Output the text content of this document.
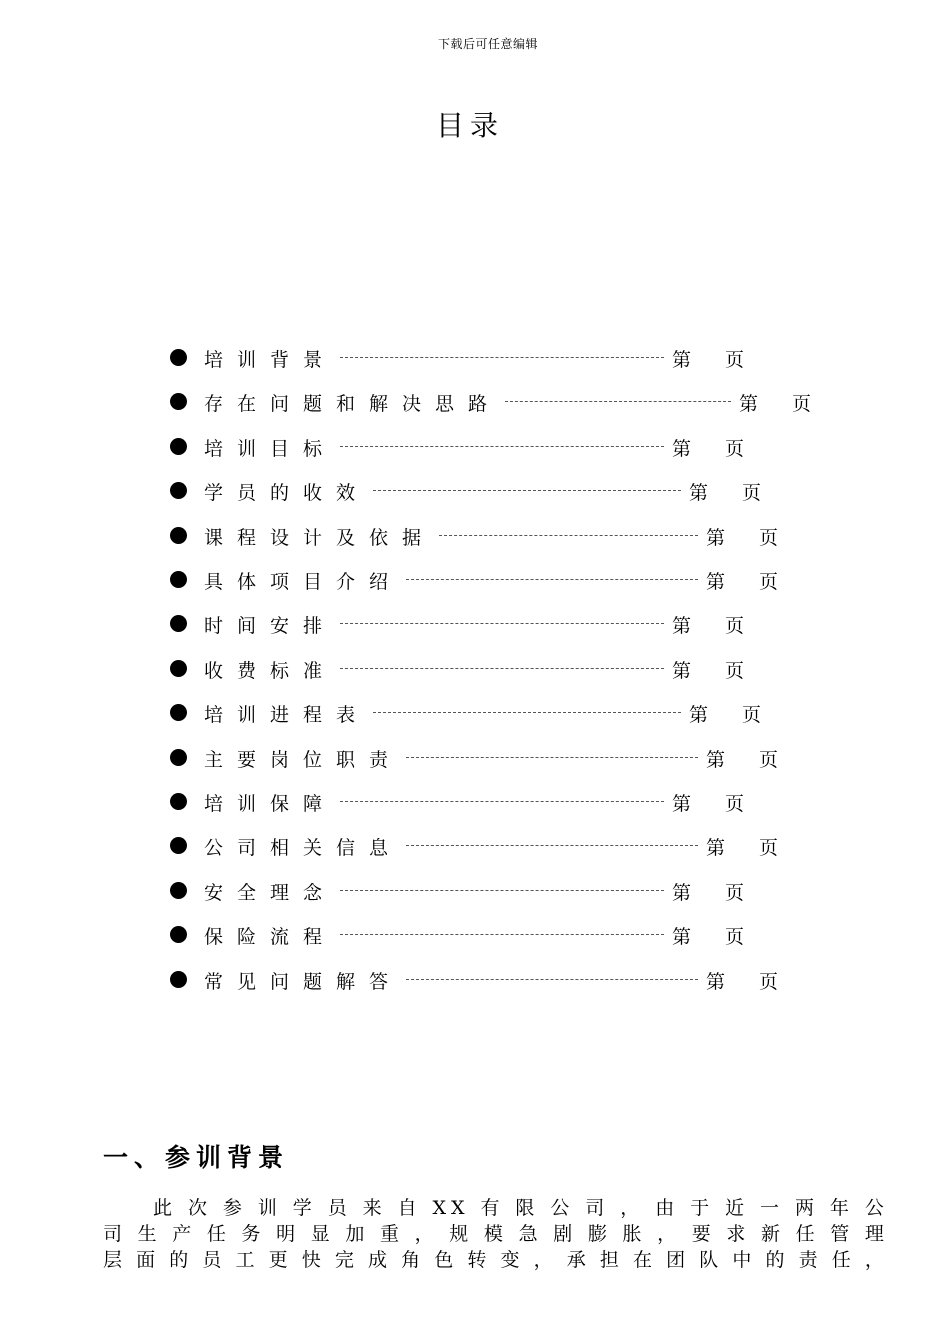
下载后可任意编辑
目录
培训背景	第 页
存在问题和解决思路	第 页
培训目标	第 页
学员的收效	第 页
课程设计及依据	第 页
具体项目介绍	第 页
时间安排	第 页
收费标准	第 页
培训进程表	第 页
主要岗位职责	第 页
培训保障	第 页
公司相关信息	第 页
安全理念	第 页
保险流程	第 页
常见问题解答	第 页
一、参训背景
此 次 参 训 学 员 来 自 XX 有 限 公 司 ， 由 于 近 一 两 年 公
司 生 产 任 务 明 显 加 重 ， 规 模 急 剧 膨 胀 ， 要 求 新 任 管 理
层 面 的 员 工 更 快 完 成 角 色 转 变 ， 承 担 在 团 队 中 的 责 任 ，
